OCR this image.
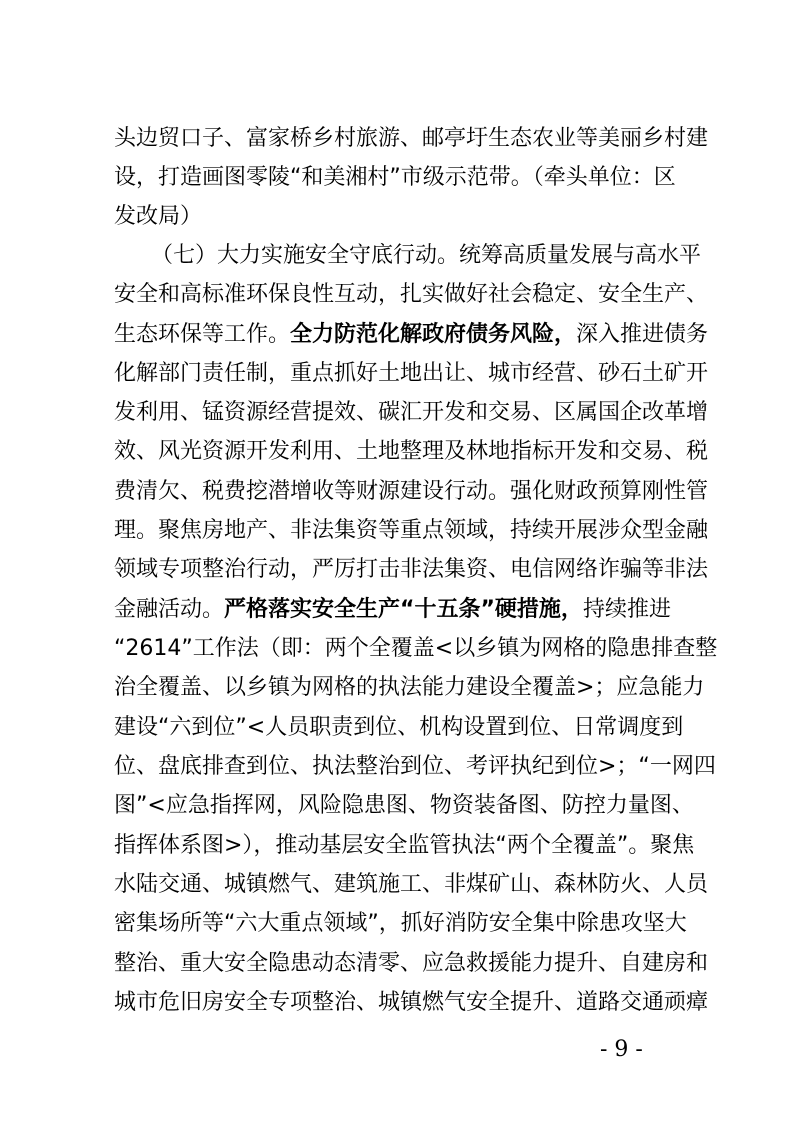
头边贸口子、富家桥乡村旅游、邮亭圩生态农业等美丽乡村建
设，打造画图零陵“和美湘村”市级示范带。（牵头单位：区
发改局）
（七）大力实施安全守底行动。统筹高质量发展与高水平
安全和高标准环保良性互动，扎实做好社会稳定、安全生产、
生态环保等工作。全力防范化解政府债务风险，深入推进债务
化解部门责任制，重点抓好土地出让、城市经营、砂石土矿开
发利用、锰资源经营提效、碳汇开发和交易、区属国企改革增
效、风光资源开发利用、土地整理及林地指标开发和交易、税
费清欠、税费挖潜增收等财源建设行动。强化财政预算刚性管
理。聚焦房地产、非法集资等重点领域，持续开展涉众型金融
领域专项整治行动，严厉打击非法集资、电信网络诈骗等非法
金融活动。严格落实安全生产“十五条”硬措施，持续推进
“2614”工作法（即：两个全覆盖<以乡镇为网格的隐患排查整
治全覆盖、以乡镇为网格的执法能力建设全覆盖>；应急能力
建设“六到位”<人员职责到位、机构设置到位、日常调度到
位、盘底排查到位、执法整治到位、考评执纪到位>；“一网四
图”<应急指挥网，风险隐患图、物资装备图、防控力量图、
指挥体系图>），推动基层安全监管执法“两个全覆盖”。聚焦
水陆交通、城镇燃气、建筑施工、非煤矿山、森林防火、人员
密集场所等“六大重点领域”，抓好消防安全集中除患攻坚大
整治、重大安全隐患动态清零、应急救援能力提升、自建房和
城市危旧房安全专项整治、城镇燃气安全提升、道路交通顽瘴
- 9 -
